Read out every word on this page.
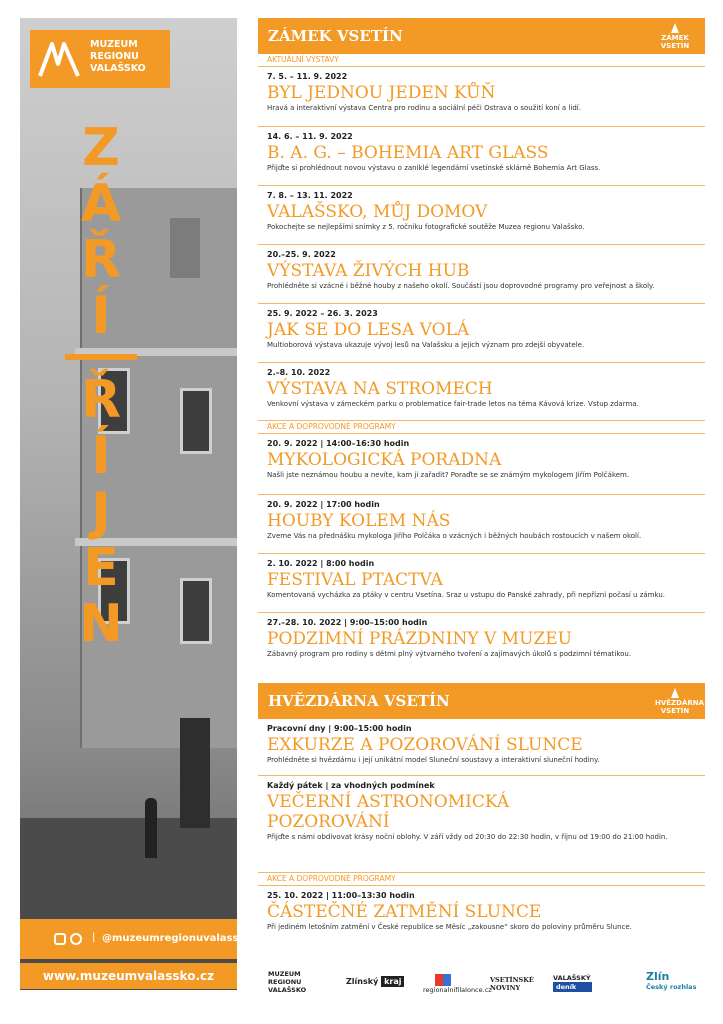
MUZEUM
REGIONU
VALAŠSKO
Z
Á
Ř
Í
Ř
Í
J
E
N
| @muzeumregionuvalassko
www.muzeumvalassko.cz
ZÁMEK VSETÍN	ZÁMEK
VSETÍN
AKTUÁLNÍ VÝSTAVY
7. 5. – 11. 9. 2022
BYL JEDNOU JEDEN KŮŇ
Hravá a interaktivní výstava Centra pro rodinu a sociální péči Ostrava o soužití koní a lidí.
14. 6. – 11. 9. 2022
B. A. G. – BOHEMIA ART GLASS
Přijďte si prohlédnout novou výstavu o zaniklé legendární vsetínské sklárně Bohemia Art Glass.
7. 8. – 13. 11. 2022
VALAŠSKO, MŮJ DOMOV
Pokochejte se nejlepšími snímky z 5. ročníku fotografické soutěže Muzea regionu Valašsko.
20.–25. 9. 2022
VÝSTAVA ŽIVÝCH HUB
Prohlédněte si vzácné i běžné houby z našeho okolí. Součástí jsou doprovodné programy pro veřejnost a školy.
25. 9. 2022 – 26. 3. 2023
JAK SE DO LESA VOLÁ
Multioborová výstava ukazuje vývoj lesů na Valašsku a jejich význam pro zdejší obyvatele.
2.–8. 10. 2022
VÝSTAVA NA STROMECH
Venkovní výstava v zámeckém parku o problematice fair-trade letos na téma Kávová krize. Vstup zdarma.
AKCE A DOPROVODNÉ PROGRAMY
20. 9. 2022 | 14:00–16:30 hodin
MYKOLOGICKÁ PORADNA
Našli jste neznámou houbu a nevíte, kam ji zařadit? Poraďte se se známým mykologem Jiřím Polčákem.
20. 9. 2022 | 17:00 hodin
HOUBY KOLEM NÁS
Zveme Vás na přednášku mykologa Jiřího Polčáka o vzácných i běžných houbách rostoucích v našem okolí.
2. 10. 2022 | 8:00 hodin
FESTIVAL PTACTVA
Komentovaná vycházka za ptáky v centru Vsetína. Sraz u vstupu do Panské zahrady, při nepřízni počasí u zámku.
27.–28. 10. 2022 | 9:00–15:00 hodin
PODZIMNÍ PRÁZDNINY V MUZEU
Zábavný program pro rodiny s dětmi plný výtvarného tvoření a zajímavých úkolů s podzimní tématikou.
HVĚZDÁRNA VSETÍN	HVĚZDÁRNA
VSETÍN
Pracovní dny | 9:00–15:00 hodin
EXKURZE A POZOROVÁNÍ SLUNCE
Prohlédněte si hvězdárnu i její unikátní model Sluneční soustavy a interaktivní sluneční hodiny.
Každý pátek | za vhodných podmínek
VEČERNÍ ASTRONOMICKÁ POZOROVÁNÍ
Přijďte s námi obdivovat krásy noční oblohy. V září vždy od 20:30 do 22:30 hodin, v říjnu od 19:00 do 21:00 hodin.
AKCE A DOPROVODNÉ PROGRAMY
25. 10. 2022 | 11:00–13:30 hodin
ČÁSTEČNÉ ZATMĚNÍ SLUNCE
Při jediném letošním zatmění v České republice se Měsíc „zakousne“ skoro do poloviny průměru Slunce.
MUZEUM
REGIONU
VALAŠSKO
Zlínský kraj
regionalnifilalonce.cz
VSETÍNSKÉ
NOVINY
VALAŠSKÝ
deník
Zlín
Český rozhlas
